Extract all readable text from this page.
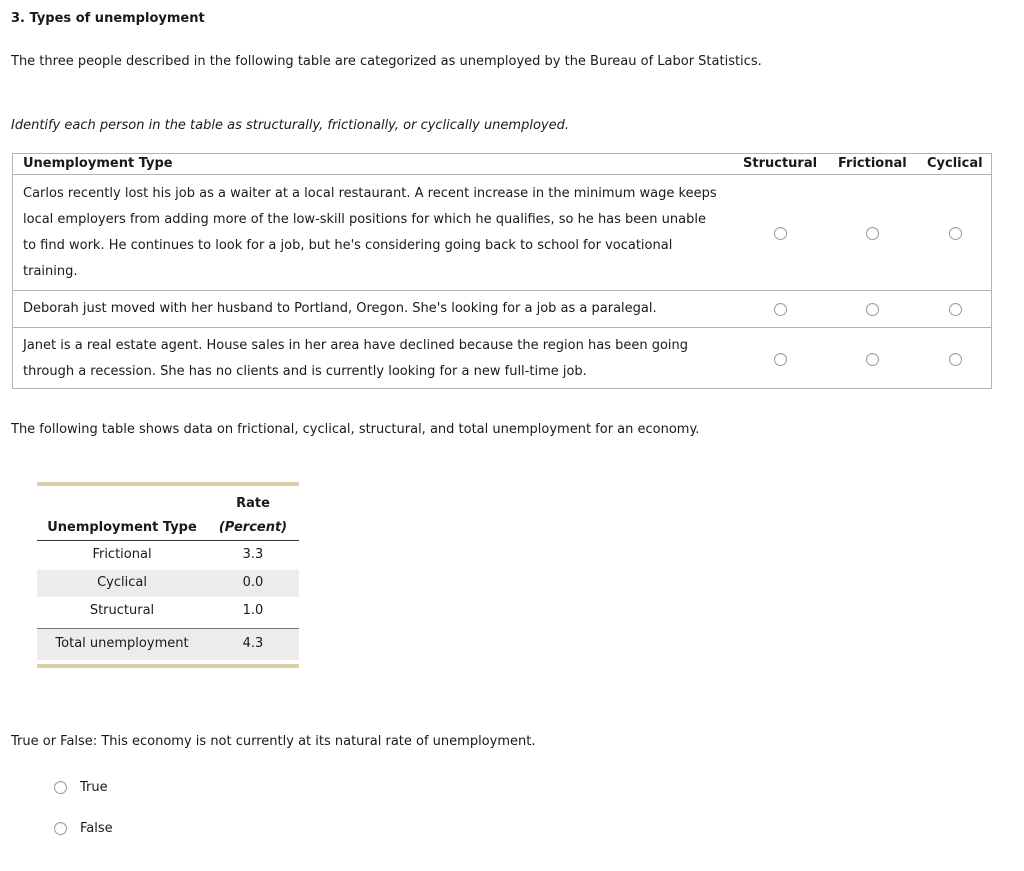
3. Types of unemployment
The three people described in the following table are categorized as unemployed by the Bureau of Labor Statistics.
Identify each person in the table as structurally, frictionally, or cyclically unemployed.
Unemployment Type	Structural Frictional Cyclical
Carlos recently lost his job as a waiter at a local restaurant. A recent increase in the minimum wage keeps
local employers from adding more of the low-skill positions for which he qualifies, so he has been unable
to find work. He continues to look for a job, but he's considering going back to school for vocational
training.
Deborah just moved with her husband to Portland, Oregon. She's looking for a job as a paralegal.
Janet is a real estate agent. House sales in her area have declined because the region has been going
through a recession. She has no clients and is currently looking for a new full-time job.
The following table shows data on frictional, cyclical, structural, and total unemployment for an economy.
Rate
Unemployment Type	(Percent)
Frictional	3.3
Cyclical	0.0
Structural	1.0
Total unemployment	4.3
True or False: This economy is not currently at its natural rate of unemployment.
True
False
